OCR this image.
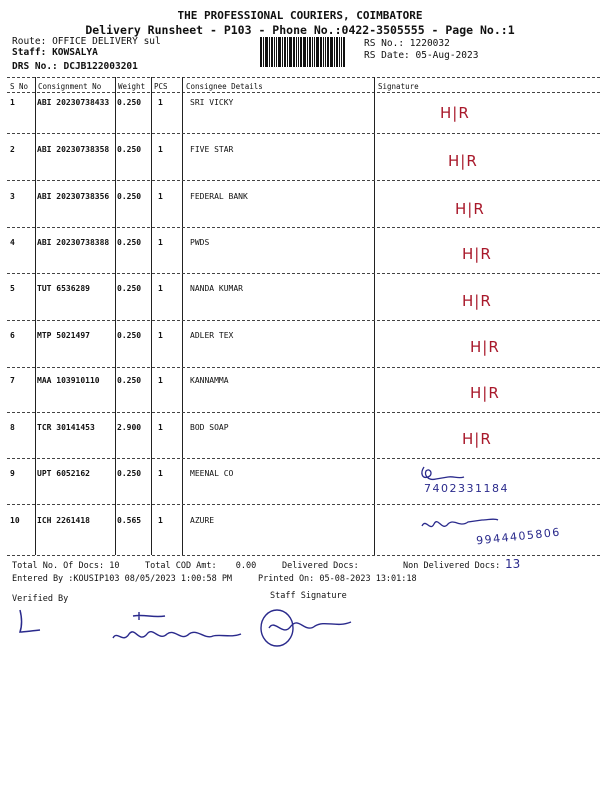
THE PROFESSIONAL COURIERS, COIMBATORE
Delivery Runsheet - P103 - Phone No.:0422-3505555 - Page No.:1
Route: OFFICE DELIVERY sul
Staff: KOWSALYA
DRS No.: DCJB122003201
RS No.: 1220032
RS Date: 05-Aug-2023
S No Consignment No Weight PCS Consignee Details	Signature
1	ABI 20230738433 0.250 1	SRI VICKY
H|R
2	ABI 20230738358 0.250 1	FIVE STAR
H|R
3	ABI 20230738356 0.250 1	FEDERAL BANK
H|R
4	ABI 20230738388 0.250 1	PWDS
H|R
5	TUT 6536289	0.250 1	NANDA KUMAR
H|R
6	MTP 5021497	0.250 1	ADLER TEX
H|R
7	MAA 103910110 0.250 1	KANNAMMA
H|R
8	TCR 30141453	2.900 1	BOD SOAP
H|R
9	UPT 6052162	0.250 1	MEENAL CO
7402331184
10 ICH 2261418	0.565 1	AZURE
9944405806
Total No. Of Docs: 10	Total COD Amt: 0.00	Delivered Docs:	Non Delivered Docs: 13
Entered By :KOUSIP103 08/05/2023 1:00:58 PM	Printed On: 05-08-2023 13:01:18
Verified By	Staff Signature
